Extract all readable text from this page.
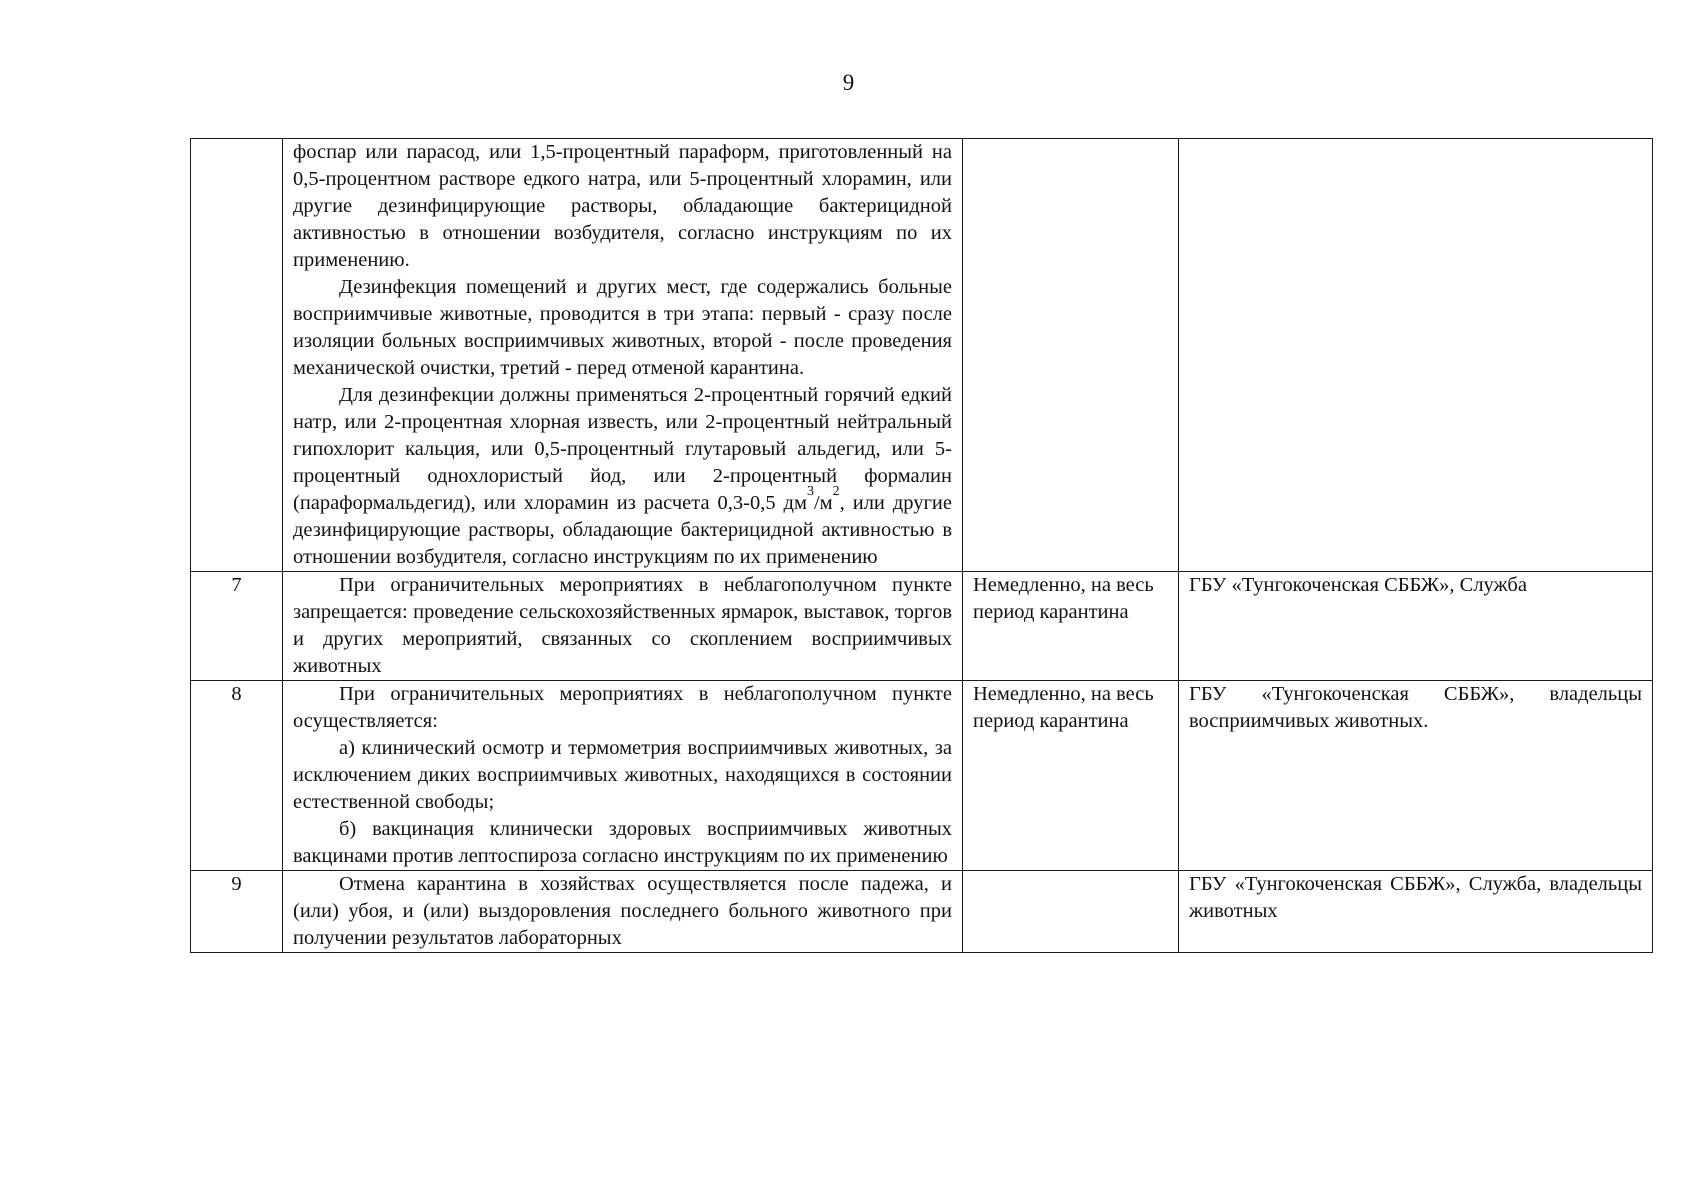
9

	фоспар или парасод, или 1,5-процентный параформ, приготовленный на 0,5-процентном растворе едкого натра, или 5-процентный хлорамин, или другие дезинфицирующие растворы, обладающие бактерицидной активностью в отношении возбудителя, согласно инструкциям по их применению.

Дезинфекция помещений и других мест, где содержались больные восприимчивые животные, проводится в три этапа: первый - сразу после изоляции больных восприимчивых животных, второй - после проведения механической очистки, третий - перед отменой карантина.

Для дезинфекции должны применяться 2-процентный горячий едкий натр, или 2-процентная хлорная известь, или 2-процентный нейтральный гипохлорит кальция, или 0,5-процентный глутаровый альдегид, или 5-процентный однохлористый йод, или 2-процентный формалин (параформальдегид), или хлорамин из расчета 0,3-0,5 $дм^3/м^2$, или другие дезинфицирующие растворы, обладающие бактерицидной активностью в отношении возбудителя, согласно инструкциям по их применению		

7	При ограничительных мероприятиях в неблагополучном пункте запрещается: проведение сельскохозяйственных ярмарок, выставок, торгов и других мероприятий, связанных со скоплением восприимчивых животных	Немедленно, на весь период карантина	ГБУ «Тунгокоченская СББЖ», Служба
8	При ограничительных мероприятиях в неблагополучном пункте осуществляется:

а) клинический осмотр и термометрия восприимчивых животных, за исключением диких восприимчивых животных, находящихся в состоянии естественной свободы;

б) вакцинация клинически здоровых восприимчивых животных вакцинами против лептоспироза согласно инструкциям по их применению	Немедленно, на весь период карантина	ГБУ «Тунгокоченская СББЖ», владельцы восприимчивых животных.
9	Отмена карантина в хозяйствах осуществляется после падежа, и (или) убоя, и (или) выздоровления последнего больного животного при получении результатов лабораторных		ГБУ «Тунгокоченская СББЖ», Служба, владельцы животных
